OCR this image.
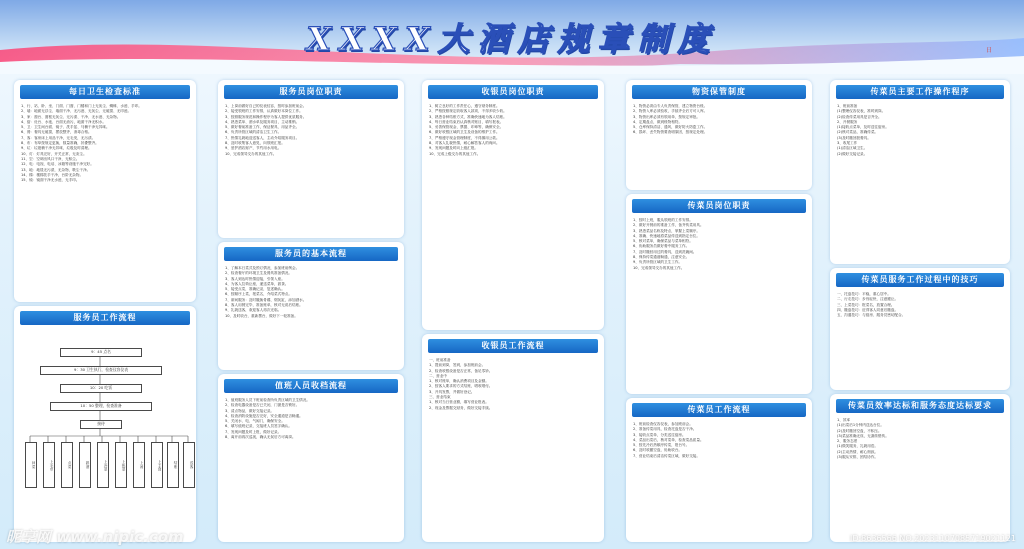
XXXX大酒店规章制度	日
每日卫生检查标准
1、行、站、卧、坐、门面、门窗、门楼和门上无灰尘、蜘蛛、水迹、手印。
2、墙：地面无浮尘、墙面干净、无污迹、无灰尘、无破损、无印迹。
3、家：窗台、窗框无灰尘、无污渍、干净、无水迹、无杂物。
4、厨：灶台、水池、台面无油污，地面干净无积水。
5、卫：卫生间台面、镜子、洗手盆、马桶干净无异味。
6、餐：餐具无破损，摆放整齐，消毒合格。
7、客：客房床上用品干净，无毛发，无污渍。
8、布：布草按规定更换，数量准确，折叠整齐。
9、垃：垃圾桶干净无异味，垃圾及时清理。
10、灯：灯具完好，开关正常，无灰尘。
11、空：空调出风口干净，无积尘。
12、电：电视、电话、冰箱等设施干净完好。
13、地：地毯无污渍，无杂物，吸尘干净。
14、梯：楼梯扶手干净，台阶无杂物。
15、镜：镜面干净无水迹，无手印。
服务员工作流程
9：45 点名
9：30 卫生执行，检查仪容仪表
10：20 吃饭
10：50 整理，检查准备
接待
问菜	上毛巾	点菜	斟酒	上冷菜	上热菜	上汤	上主食	结账	送客
服务员岗位职责
1、上岗前做好自己的仪表仪容，按时参加班前会。
2、接受领班的工作安排，认真做好本岗位工作。
3、按照服务规范和操作程序为客人提供优质服务。
4、熟悉菜单、酒水单及服务项目，主动推销。
5、做好餐前准备工作，保证餐具、用品齐全。
6、负责所管区域的清洁卫生工作。
7、热情礼貌地迎送客人，主动介绍服务项目。
8、及时收集客人意见，向领班汇报。
9、爱护酒店财产，节约用水用电。
10、完成领导交办的其他工作。
服务员的基本流程
1、了解本日菜式及预订情况，参加班前例会。
2、检查餐厅的环境卫生及餐具准备情况。
3、客人到达时热情迎接，引领入座。
4、为客人拉椅让座，递送菜单，斟茶。
5、接受点菜，准确记录，复述确认。
6、按顺序上菜，报菜名，介绍菜式特点。
7、席间服务：及时撤换骨碟、烟灰缸，添加酒水。
8、客人用餐完毕，准备账单，核对无误后结账。
9、礼貌送客，欢迎客人再次光临。
10、及时收台，重新摆台，做好下一轮准备。
值班人员收档流程
1、值班服务人员下班前检查所负责区域的卫生情况。
2、检查电器设备是否已关闭，门窗是否锁好。
3、清点物品，做好交接记录。
4、检查消防设施是否完好，安全通道是否畅通。
5、关闭水、电、气阀门，确保安全。
6、填写值班记录，交接班人员签字确认。
7、发现问题及时上报，做好记录。
8、离开前再次巡视，确认无误后方可离岗。
收银员岗位职责
1、树立良好的工作责任心，遵守财务制度。
2、严格按照规定收取客人款项，不得多收少收。
3、熟悉各种结账方式，准确快速地为客人结账。
4、每日营业结束后认真核对账目，填写报表。
5、妥善保管现金、票据、印章等，确保安全。
6、做好收银区域的卫生及设备的维护工作。
7、严格遵守现金管理制度，不得挪用公款。
8、对客人礼貌热情，耐心解答客人的询问。
9、发现问题及时向上级汇报。
10、完成上级交办的其他工作。
收银员工作流程
一、班前准备
1、提前到岗，签到，参加班前会。
2、检查收银设备是否正常，备足零钞。
二、营业中
1、核对账单，确认消费项目及金额。
2、按客人要求的方式结账，唱收唱付。
3、开具发票，并做好登记。
三、营业结束
1、核对当日营业额，填写营业报表。
2、现金及票据交财务，做好交接手续。
物资保管制度
1、物资必须由专人负责保管，建立物资台账。
2、物资入库必须验收，手续齐全后方可入库。
3、物资出库必须有领用单，按规定审批。
4、定期盘点，做到账物相符。
5、仓库保持清洁、通风，做好防火防盗工作。
6、损坏、丢失物资要查明原因，按规定处理。
传菜员岗位职责
1、按时上班，服从领班的工作安排。
2、做好开餐前的准备工作，备齐传菜用具。
3、熟悉菜品名称及特点，掌握上菜顺序。
4、准确、快速地将菜品传送到指定台位。
5、核对菜单，确保菜品与菜单相符。
6、协助服务员做好餐中服务工作。
7、及时撤回用过的餐具，送到洗碗间。
8、保持传菜通道畅通，注意安全。
9、负责所管区域的卫生工作。
10、完成领导交办的其他工作。
传菜员工作流程
1、班前检查仪容仪表，参加班前会。
2、准备传菜用具，检查托盘是否干净。
3、接收点菜单，分类送往厨房。
4、菜品出菜后，核对菜单，检查菜品质量。
5、按先冷后热顺序传菜，报台号。
6、及时收撤空盘，协助收台。
7、营业结束后清洁传菜区域，做好交接。
传菜员主要工作操作程序
1、班前准备
(1)整理仪容仪表，准时到岗。
(2)检查传菜用具是否齐全。
2、开餐服务
(1)接收点菜单，及时送往厨房。
(2)核对菜品，准确传菜。
(3)及时撤回脏餐具。
3、收尾工作
(1)清洁区域卫生。
(2)做好交接记录。
传菜员服务工作过程中的技巧
一、托盘技巧：平稳，重心居中。
二、行走技巧：步伐轻快，注意避让。
三、上菜技巧：报菜名，放置合理。
四、撤盘技巧：征得客人同意后撤盘。
五、沟通技巧：与厨房、服务员密切配合。
传菜员效率达标和服务态度达标要求
1、效率
(1)出菜后1分钟内送达台位。
(2)及时撤回空盘，不积压。
(3)菜品准确无误，无漏传错传。
2、服务态度
(1)微笑服务，礼貌用语。
(2)主动热情，耐心细致。
(3)服从安排，团结协作。
昵享网 www.nipic.com	ID:8636566 NO:20231107085719021121
